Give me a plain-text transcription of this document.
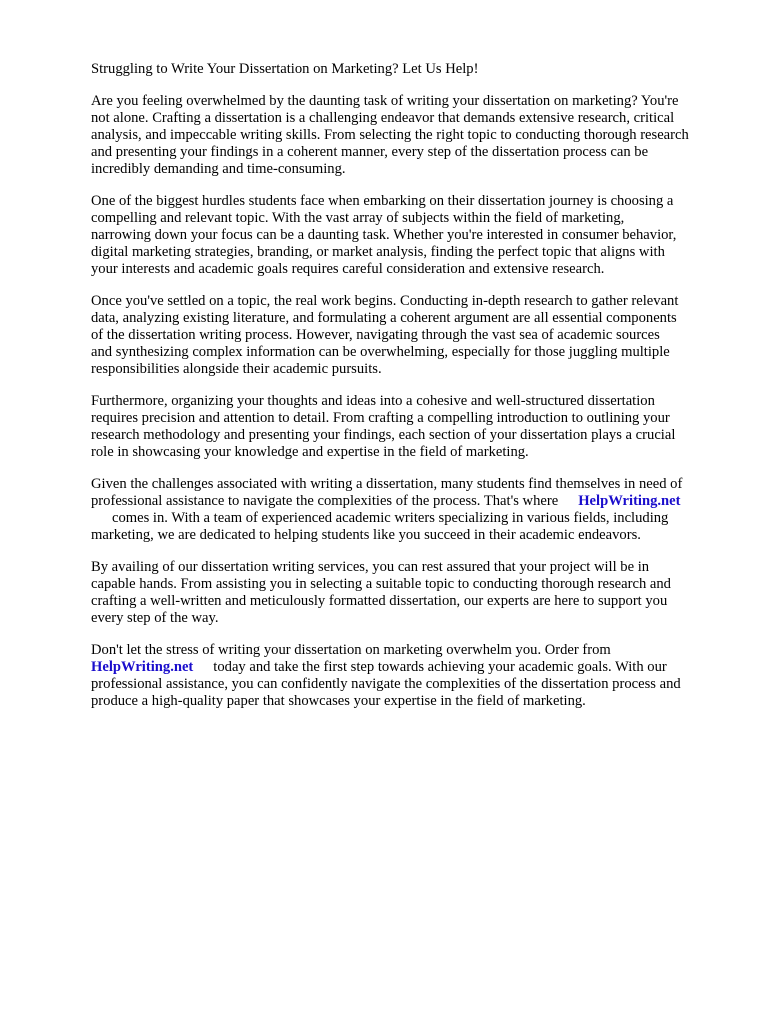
Struggling to Write Your Dissertation on Marketing? Let Us Help!
Are you feeling overwhelmed by the daunting task of writing your dissertation on marketing? You're
not alone. Crafting a dissertation is a challenging endeavor that demands extensive research, critical
analysis, and impeccable writing skills. From selecting the right topic to conducting thorough research
and presenting your findings in a coherent manner, every step of the dissertation process can be
incredibly demanding and time-consuming.
One of the biggest hurdles students face when embarking on their dissertation journey is choosing a
compelling and relevant topic. With the vast array of subjects within the field of marketing,
narrowing down your focus can be a daunting task. Whether you're interested in consumer behavior,
digital marketing strategies, branding, or market analysis, finding the perfect topic that aligns with
your interests and academic goals requires careful consideration and extensive research.
Once you've settled on a topic, the real work begins. Conducting in-depth research to gather relevant
data, analyzing existing literature, and formulating a coherent argument are all essential components
of the dissertation writing process. However, navigating through the vast sea of academic sources
and synthesizing complex information can be overwhelming, especially for those juggling multiple
responsibilities alongside their academic pursuits.
Furthermore, organizing your thoughts and ideas into a cohesive and well-structured dissertation
requires precision and attention to detail. From crafting a compelling introduction to outlining your
research methodology and presenting your findings, each section of your dissertation plays a crucial
role in showcasing your knowledge and expertise in the field of marketing.
Given the challenges associated with writing a dissertation, many students find themselves in need of
professional assistance to navigate the complexities of the process. That's where HelpWriting.net
comes in. With a team of experienced academic writers specializing in various fields, including
marketing, we are dedicated to helping students like you succeed in their academic endeavors.
By availing of our dissertation writing services, you can rest assured that your project will be in
capable hands. From assisting you in selecting a suitable topic to conducting thorough research and
crafting a well-written and meticulously formatted dissertation, our experts are here to support you
every step of the way.
Don't let the stress of writing your dissertation on marketing overwhelm you. Order from
HelpWriting.net today and take the first step towards achieving your academic goals. With our
professional assistance, you can confidently navigate the complexities of the dissertation process and
produce a high-quality paper that showcases your expertise in the field of marketing.
